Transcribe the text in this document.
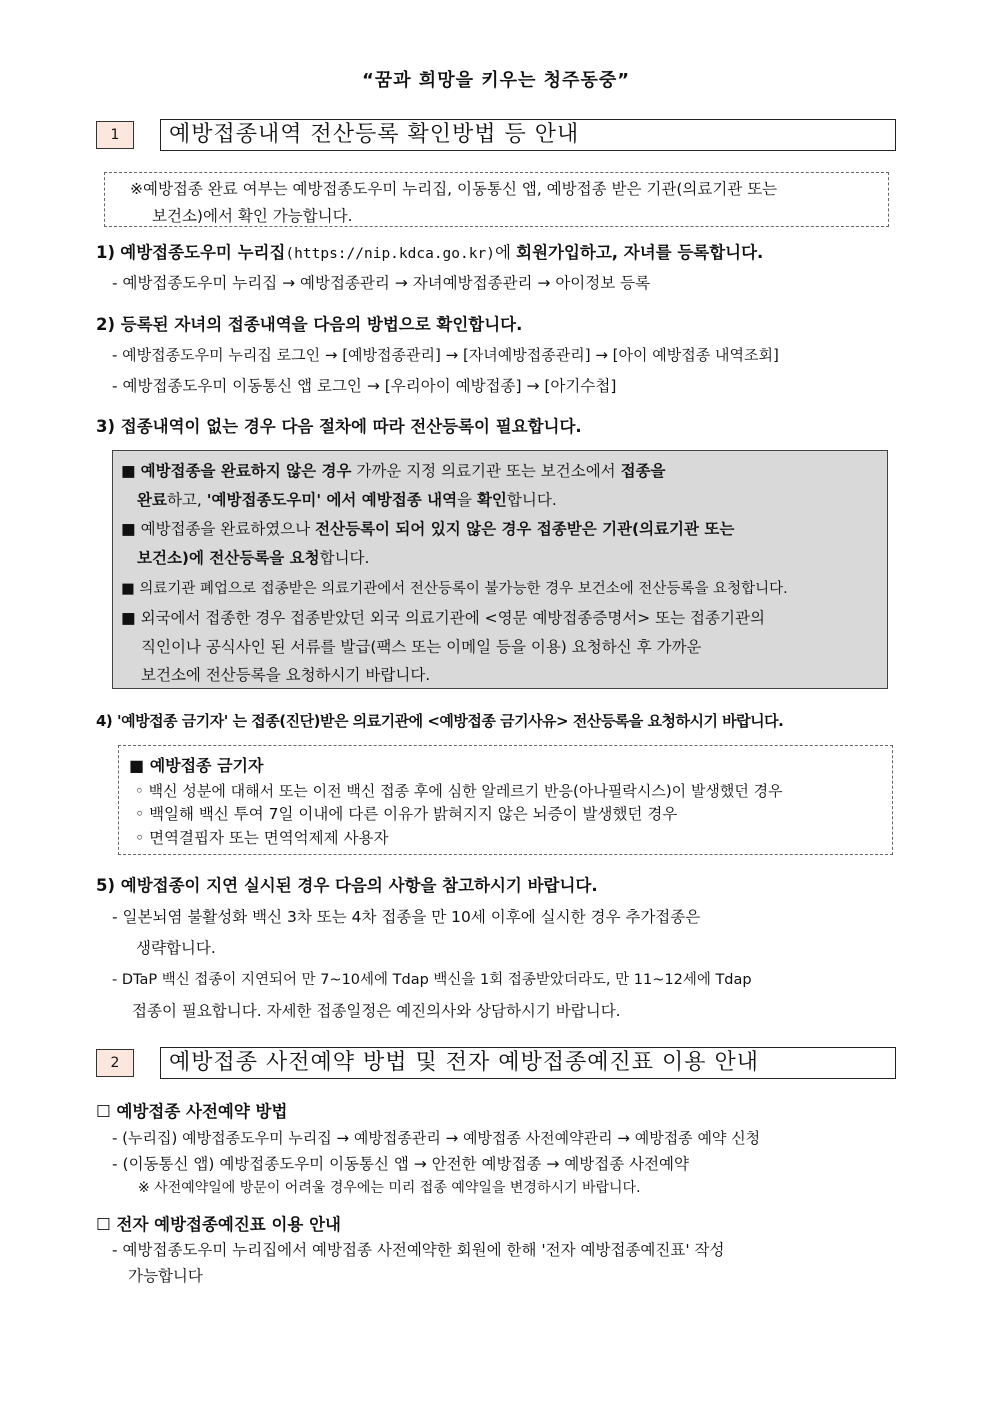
“꿈과 희망을 키우는 청주동중”
1	예방접종내역 전산등록 확인방법 등 안내
※예방접종 완료 여부는 예방접종도우미 누리집, 이동통신 앱, 예방접종 받은 기관(의료기관 또는
보건소)에서 확인 가능합니다.
1) 예방접종도우미 누리집(https://nip.kdca.go.kr)에 회원가입하고, 자녀를 등록합니다.
- 예방접종도우미 누리집 → 예방접종관리 → 자녀예방접종관리 → 아이정보 등록
2) 등록된 자녀의 접종내역을 다음의 방법으로 확인합니다.
- 예방접종도우미 누리집 로그인 → [예방접종관리] → [자녀예방접종관리] → [아이 예방접종 내역조회]
- 예방접종도우미 이동통신 앱 로그인 → [우리아이 예방접종] → [아기수첩]
3) 접종내역이 없는 경우 다음 절차에 따라 전산등록이 필요합니다.
■ 예방접종을 완료하지 않은 경우 가까운 지정 의료기관 또는 보건소에서 접종을
완료하고, '예방접종도우미' 에서 예방접종 내역을 확인합니다.
■ 예방접종을 완료하였으나 전산등록이 되어 있지 않은 경우 접종받은 기관(의료기관 또는
보건소)에 전산등록을 요청합니다.
■ 의료기관 폐업으로 접종받은 의료기관에서 전산등록이 불가능한 경우 보건소에 전산등록을 요청합니다.
■ 외국에서 접종한 경우 접종받았던 외국 의료기관에 <영문 예방접종증명서> 또는 접종기관의
직인이나 공식사인 된 서류를 발급(팩스 또는 이메일 등을 이용) 요청하신 후 가까운
보건소에 전산등록을 요청하시기 바랍니다.
4) '예방접종 금기자' 는 접종(진단)받은 의료기관에 <예방접종 금기사유> 전산등록을 요청하시기 바랍니다.
■ 예방접종 금기자
◦ 백신 성분에 대해서 또는 이전 백신 접종 후에 심한 알레르기 반응(아나필락시스)이 발생했던 경우
◦ 백일해 백신 투여 7일 이내에 다른 이유가 밝혀지지 않은 뇌증이 발생했던 경우
◦ 면역결핍자 또는 면역억제제 사용자
5) 예방접종이 지연 실시된 경우 다음의 사항을 참고하시기 바랍니다.
- 일본뇌염 불활성화 백신 3차 또는 4차 접종을 만 10세 이후에 실시한 경우 추가접종은
생략합니다.
- DTaP 백신 접종이 지연되어 만 7~10세에 Tdap 백신을 1회 접종받았더라도, 만 11~12세에 Tdap
접종이 필요합니다. 자세한 접종일정은 예진의사와 상담하시기 바랍니다.
2	예방접종 사전예약 방법 및 전자 예방접종예진표 이용 안내
☐ 예방접종 사전예약 방법
- (누리집) 예방접종도우미 누리집 → 예방접종관리 → 예방접종 사전예약관리 → 예방접종 예약 신청
- (이동통신 앱) 예방접종도우미 이동통신 앱 → 안전한 예방접종 → 예방접종 사전예약
※ 사전예약일에 방문이 어려울 경우에는 미리 접종 예약일을 변경하시기 바랍니다.
☐ 전자 예방접종예진표 이용 안내
- 예방접종도우미 누리집에서 예방접종 사전예약한 회원에 한해 '전자 예방접종예진표' 작성
가능합니다
